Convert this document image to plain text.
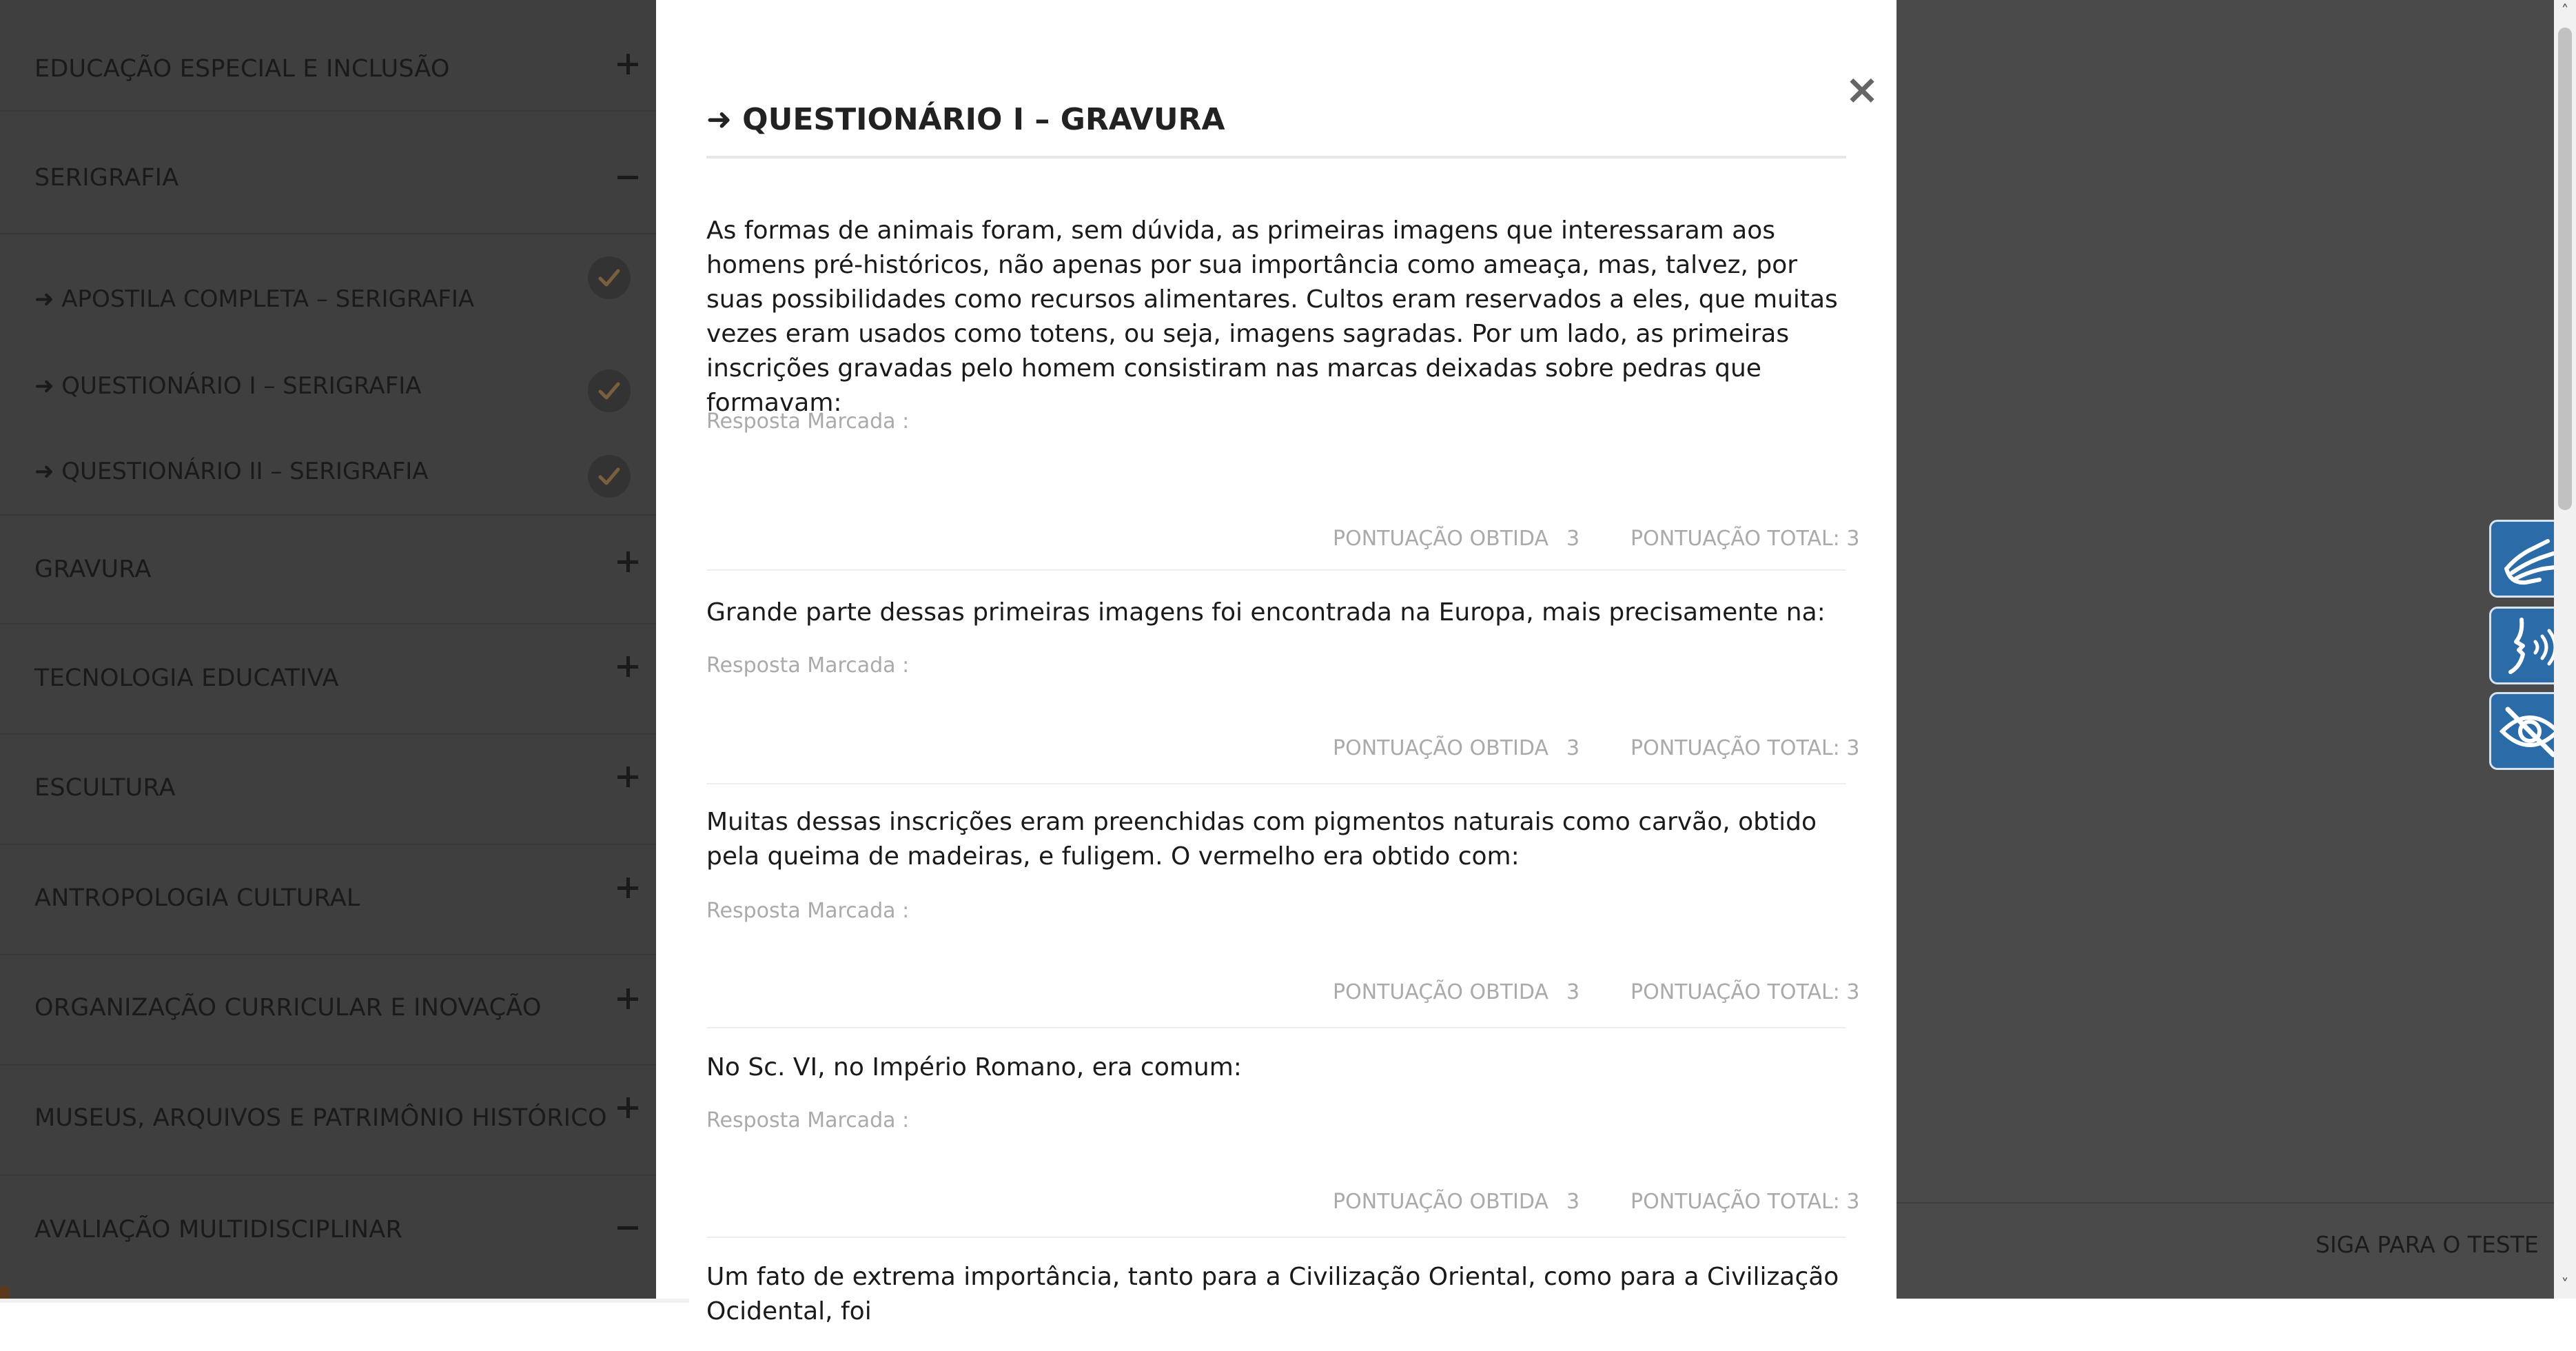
EDUCAÇÃO ESPECIAL E INCLUSÃO
SERIGRAFIA
➜ APOSTILA COMPLETA – SERIGRAFIA
➜ QUESTIONÁRIO I – SERIGRAFIA
➜ QUESTIONÁRIO II – SERIGRAFIA
GRAVURA
TECNOLOGIA EDUCATIVA
ESCULTURA
ANTROPOLOGIA CULTURAL
ORGANIZAÇÃO CURRICULAR E INOVAÇÃO
MUSEUS, ARQUIVOS E PATRIMÔNIO HISTÓRICO
AVALIAÇÃO MULTIDISCIPLINAR
SIGA PARA O TESTE
×
➜ QUESTIONÁRIO I – GRAVURA

As formas de animais foram, sem dúvida, as primeiras imagens que interessaram aos homens pré-históricos, não apenas por sua importância como ameaça, mas, talvez, por suas possibilidades como recursos alimentares. Cultos eram reservados a eles, que muitas vezes eram usados como totens, ou seja, imagens sagradas. Por um lado, as primeiras inscrições gravadas pelo homem consistiram nas marcas deixadas sobre pedras que formavam:

Resposta Marcada :
PONTUAÇÃO OBTIDA 3 PONTUAÇÃO TOTAL: 3

Grande parte dessas primeiras imagens foi encontrada na Europa, mais precisamente na:

Resposta Marcada :
PONTUAÇÃO OBTIDA 3 PONTUAÇÃO TOTAL: 3

Muitas dessas inscrições eram preenchidas com pigmentos naturais como carvão, obtido pela queima de madeiras, e fuligem. O vermelho era obtido com:

Resposta Marcada :
PONTUAÇÃO OBTIDA 3 PONTUAÇÃO TOTAL: 3

No Sc. VI, no Império Romano, era comum:

Resposta Marcada :
PONTUAÇÃO OBTIDA 3 PONTUAÇÃO TOTAL: 3

Um fato de extrema importância, tanto para a Civilização Oriental, como para a Civilização Ocidental, foi

˄
˅
